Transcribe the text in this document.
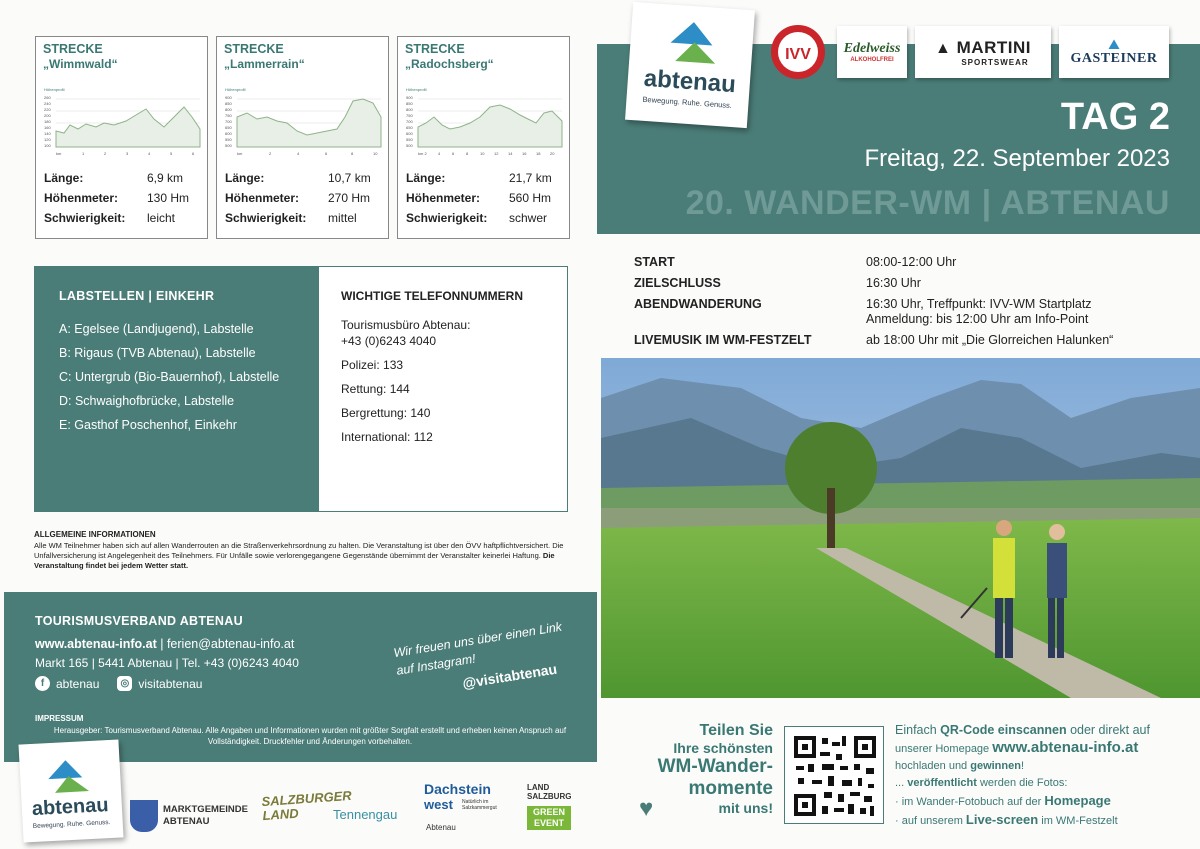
STRECKE
„Wimmwald“
Höhenprofil
260
240
220
200
180
160
140
120
100
km	1	2	3	4	5	6
Länge:	6,9 km
Höhenmeter:	130 Hm
Schwierigkeit:	leicht
STRECKE
„Lammerrain“
Höhenprofil
900
850
800
750
700
650
600
550
500
km	2	4	6	8	10
Länge:	10,7 km
Höhenmeter:	270 Hm
Schwierigkeit:	mittel
STRECKE
„Radochsberg“
Höhenprofil
900
850
800
750
700
650
600
550
500
km 2	4	6	8	10 12 14 16 18 20
Länge:	21,7 km
Höhenmeter:	560 Hm
Schwierigkeit:	schwer
LABSTELLEN | EINKEHR
A: Egelsee (Landjugend), Labstelle
B: Rigaus (TVB Abtenau), Labstelle
C: Untergrub (Bio-Bauernhof), Labstelle
D: Schwaighofbrücke, Labstelle
E: Gasthof Poschenhof, Einkehr
WICHTIGE TELEFONNUMMERN

Tourismusbüro Abtenau:

+43 (0)6243 4040

Polizei: 133

Rettung: 144

Bergrettung: 140

International: 112

ALLGEMEINE INFORMATIONEN
Alle WM Teilnehmer haben sich auf allen Wanderrouten an die Straßenverkehrsordnung zu halten. Die Veranstaltung ist über den ÖVV haftpflichtversichert. Die Unfallversicherung ist Angelegenheit des Teilnehmers. Für Unfälle sowie verlorengegangene Gegenstände übernimmt der Veranstalter keinerlei Haftung. Die Veranstaltung findet bei jedem Wetter statt.
TOURISMUSVERBAND ABTENAU
www.abtenau-info.at | ferien@abtenau-info.at
Markt 165 | 5441 Abtenau | Tel. +43 (0)6243 4040
f abtenau	◎ visitabtenau
Wir freuen uns über einen Link auf Instagram!
@visitabtenau
IMPRESSUM
Herausgeber: Tourismusverband Abtenau. Alle Angaben und Informationen wurden mit größter Sorgfalt erstellt und erheben keinen Anspruch auf Vollständigkeit. Druckfehler und Änderungen vorbehalten.
abtenau
Bewegung. Ruhe. Genuss.
MARKTGEMEINDE ABTENAU
SALZBURGER LAND	Tennengau
Dachstein
west Natürlich im Salzkammergut
Abtenau
LAND SALZBURG
GREEN EVENT
abtenau
Bewegung. Ruhe. Genuss.
IVV Edelweiss
ALKOHOLFREI
▲ MARTINI
SPORTSWEAR
⛰
GASTEINER
TAG 2
Freitag, 22. September 2023
20. WANDER-WM | ABTENAU
START	08:00-12:00 Uhr
ZIELSCHLUSS	16:30 Uhr
ABENDWANDERUNG	16:30 Uhr, Treffpunkt: IVV-WM Startplatz
Anmeldung: bis 12:00 Uhr am Info-Point
LIVEMUSIK IM WM-FESTZELT	ab 18:00 Uhr mit „Die Glorreichen Halunken“
Teilen Sie
Ihre schönsten
WM-Wander-
momente
mit uns!
♥
Einfach QR-Code einscannen oder direkt auf
unserer Homepage www.abtenau-info.at
hochladen und gewinnen!
... veröffentlicht werden die Fotos:
· im Wander-Fotobuch auf der Homepage
· auf unserem Live-screen im WM-Festzelt
